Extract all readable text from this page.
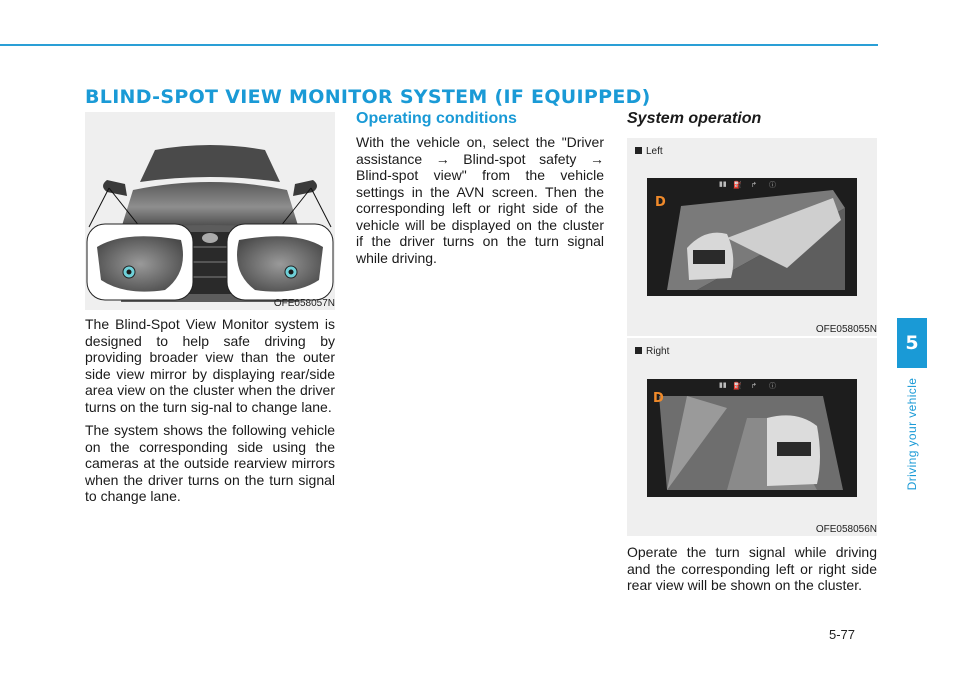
BLIND-SPOT VIEW MONITOR SYSTEM (IF EQUIPPED)
OFE058057N

The Blind-Spot View Monitor system is designed to help safe driving by providing broader view than the outer side view mirror by displaying rear/side area view on the cluster when the driver turns on the turn sig-nal to change lane.

The system shows the following vehicle on the corresponding side using the cameras at the outside rearview mirrors when the driver turns on the turn signal to change lane.

Operating conditions

With the vehicle on, select the "Driver assistance → Blind-spot safety → Blind-spot view" from the vehicle settings in the AVN screen. Then the corresponding left or right side of the vehicle will be displayed on the cluster if the driver turns on the turn signal while driving.

System operation
Left
▮▮ ⛽ ↱ ⓘ
D
OFE058055N
Right
▮▮ ⛽ ↱ ⓘ
D
OFE058056N

Operate the turn signal while driving and the corresponding left or right side rear view will be shown on the cluster.

5
Driving your vehicle
5-77
